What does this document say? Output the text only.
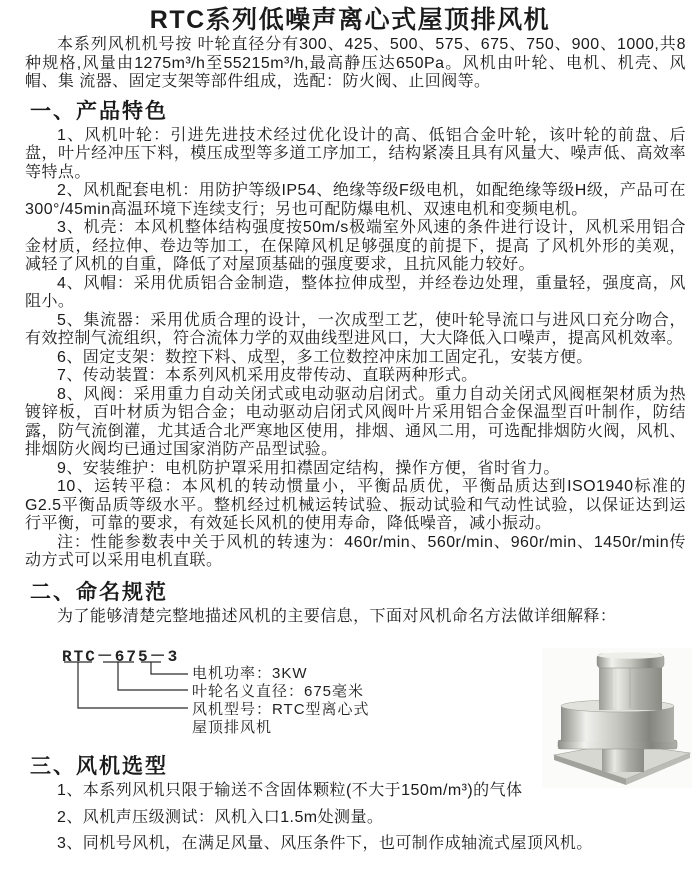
RTC系列低噪声离心式屋顶排风机

本系列风机机号按 叶轮直径分有300、425、500、575、675、750、900、1000,共8种规格,风量由1275m³/h至55215m³/h,最高静压达650Pa。风机由叶轮、电机、机壳、风帽、集 流器、固定支架等部件组成，选配：防火阀、止回阀等。

一、产品特色

1、风机叶轮：引进先进技术经过优化设计的高、低铝合金叶轮，该叶轮的前盘、后盘，叶片经冲压下料，模压成型等多道工序加工，结构紧凑且具有风量大、噪声低、高效率等特点。

2、风机配套电机：用防护等级IP54、绝缘等级F级电机，如配绝缘等级H级，产品可在300°/45min高温环境下连续支行；另也可配防爆电机、双速电机和变频电机。

3、机壳：本风机整体结构强度按50m/s极端室外风速的条件进行设计，风机采用铝合金材质，经拉伸、卷边等加工，在保障风机足够强度的前提下，提高 了风机外形的美观，减轻了风机的自重，降低了对屋顶基础的强度要求，且抗风能力较好。

4、风帽：采用优质铝合金制造，整体拉伸成型，并经卷边处理，重量轻，强度高，风阻小。

5、集流器：采用优质合理的设计，一次成型工艺，使叶轮导流口与进风口充分吻合，有效控制气流组织，符合流体力学的双曲线型进风口，大大降低入口噪声，提高风机效率。

6、固定支架：数控下料、成型，多工位数控冲床加工固定孔，安装方便。

7、传动装置：本系列风机采用皮带传动、直联两种形式。

8、风阀：采用重力自动关闭式或电动驱动启闭式。重力自动关闭式风阀框架材质为热镀锌板，百叶材质为铝合金；电动驱动启闭式风阀叶片采用铝合金保温型百叶制作，防结露，防气流倒灌，尤其适合北严寒地区使用，排烟、通风二用，可选配排烟防火阀，风机、排烟防火阀均已通过国家消防产品型试验。

9、安装维护：电机防护罩采用扣襟固定结构，操作方便，省时省力。

10、运转平稳：本风机的转动惯量小，平衡品质优，平衡品质达到ISO1940标准的G2.5平衡品质等级水平。整机经过机械运转试验、振动试验和气动性试验，以保证达到运行平衡，可靠的要求，有效延长风机的使用寿命，降低噪音，减小振动。

注：性能参数表中关于风机的转速为：460r/min、560r/min、960r/min、1450r/min传动方式可以采用电机直联。

二、命名规范

为了能够清楚完整地描述风机的主要信息，下面对风机命名方法做详细解释：

RTC－675－3
电机功率：3KW
叶轮名义直径：675毫米
风机型号：RTC型离心式
屋顶排风机
三、风机选型

1、本系列风机只限于输送不含固体颗粒(不大于150m/m³)的气体

2、风机声压级测试：风机入口1.5m处测量。

3、同机号风机，在满足风量、风压条件下，也可制作成轴流式屋顶风机。
